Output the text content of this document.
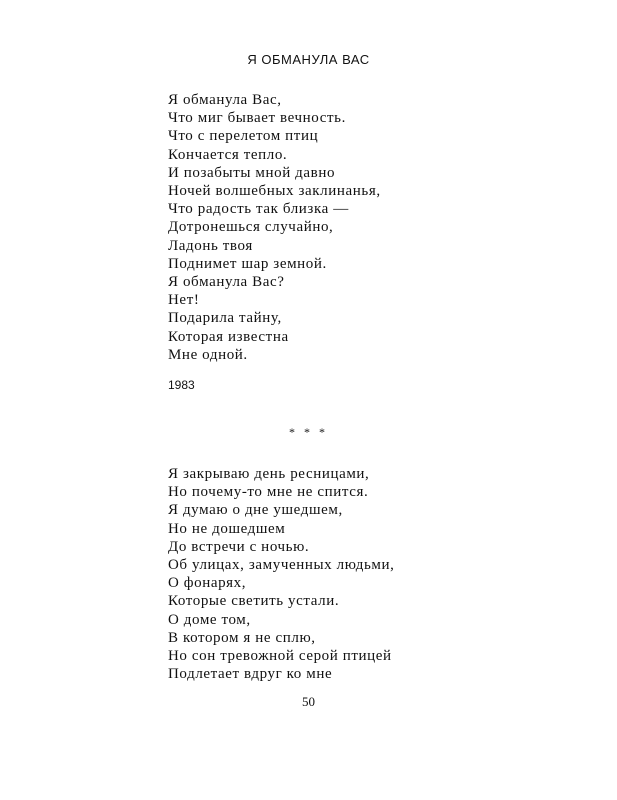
Я ОБМАНУЛА ВАС
Я обманула Вас,
Что миг бывает вечность.
Что с перелетом птиц
Кончается тепло.
И позабыты мной давно
Ночей волшебных заклинанья,
Что радость так близка —
Дотронешься случайно,
Ладонь твоя
Поднимет шар земной.
Я обманула Вас?
Нет!
Подарила тайну,
Которая известна
Мне одной.

1983

* * *

Я закрываю день ресницами,
Но почему-то мне не спится.
Я думаю о дне ушедшем,
Но не дошедшем
До встречи с ночью.
Об улицах, замученных людьми,
О фонарях,
Которые светить устали.
О доме том,
В котором я не сплю,
Но сон тревожной серой птицей
Подлетает вдруг ко мне

50
